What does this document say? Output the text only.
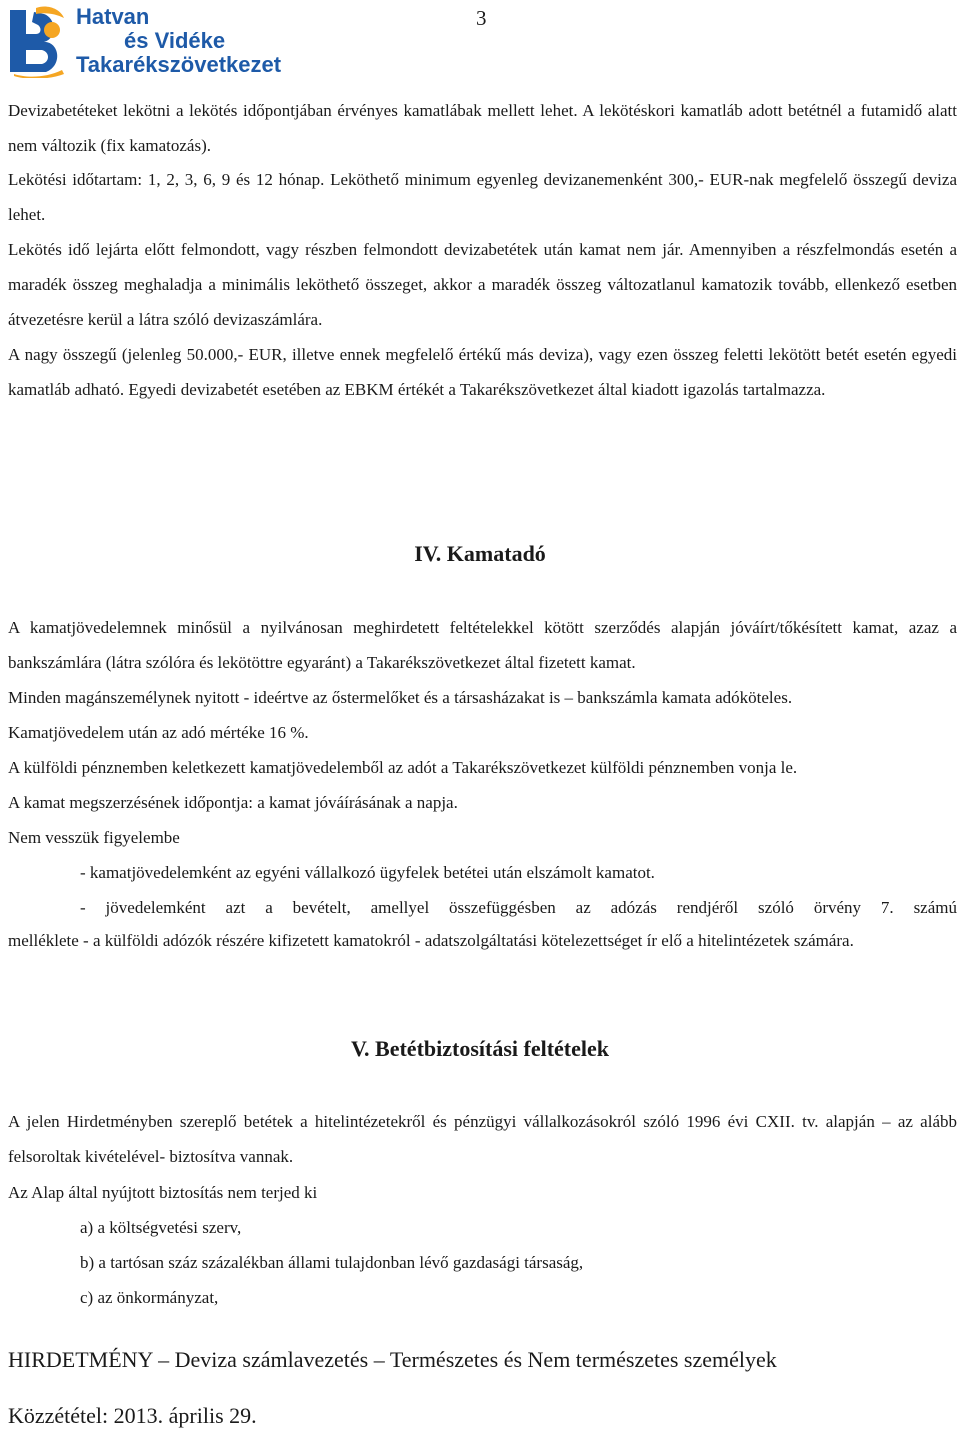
Hatvan
és Vidéke
Takarékszövetkezet
3
Devizabetéteket lekötni a lekötés időpontjában érvényes kamatlábak mellett lehet. A lekötéskori kamatláb adott betétnél a futamidő alatt nem változik (fix kamatozás).
Lekötési időtartam: 1, 2, 3, 6, 9 és 12 hónap. Leköthető minimum egyenleg devizanemenként 300,- EUR-nak megfelelő összegű deviza lehet.
Lekötés idő lejárta előtt felmondott, vagy részben felmondott devizabetétek után kamat nem jár. Amennyiben a részfelmondás esetén a maradék összeg meghaladja a minimális leköthető összeget, akkor a maradék összeg változatlanul kamatozik tovább, ellenkező esetben átvezetésre kerül a látra szóló devizaszámlára.
A nagy összegű (jelenleg 50.000,- EUR, illetve ennek megfelelő értékű más deviza), vagy ezen összeg feletti lekötött betét esetén egyedi kamatláb adható. Egyedi devizabetét esetében az EBKM értékét a Takarékszövetkezet által kiadott igazolás tartalmazza.
IV. Kamatadó
A kamatjövedelemnek minősül a nyilvánosan meghirdetett feltételekkel kötött szerződés alapján jóváírt/tőkésített kamat, azaz a bankszámlára (látra szólóra és lekötöttre egyaránt) a Takarékszövetkezet által fizetett kamat.
Minden magánszemélynek nyitott - ideértve az őstermelőket és a társasházakat is – bankszámla kamata adóköteles.
Kamatjövedelem után az adó mértéke 16 %.
A külföldi pénznemben keletkezett kamatjövedelemből az adót a Takarékszövetkezet külföldi pénznemben vonja le.
A kamat megszerzésének időpontja: a kamat jóváírásának a napja.
Nem vesszük figyelembe
- kamatjövedelemként az egyéni vállalkozó ügyfelek betétei után elszámolt kamatot.
- jövedelemként azt a bevételt, amellyel összefüggésben az adózás rendjéről szóló örvény 7. számú
melléklete - a külföldi adózók részére kifizetett kamatokról - adatszolgáltatási kötelezettséget ír elő a hitelintézetek számára.
V. Betétbiztosítási feltételek
A jelen Hirdetményben szereplő betétek a hitelintézetekről és pénzügyi vállalkozásokról szóló 1996 évi CXII. tv. alapján – az alább felsoroltak kivételével- biztosítva vannak.
Az Alap által nyújtott biztosítás nem terjed ki
a) a költségvetési szerv,
b) a tartósan száz százalékban állami tulajdonban lévő gazdasági társaság,
c) az önkormányzat,
HIRDETMÉNY – Deviza számlavezetés – Természetes és Nem természetes személyek
Közzététel: 2013. április 29.
